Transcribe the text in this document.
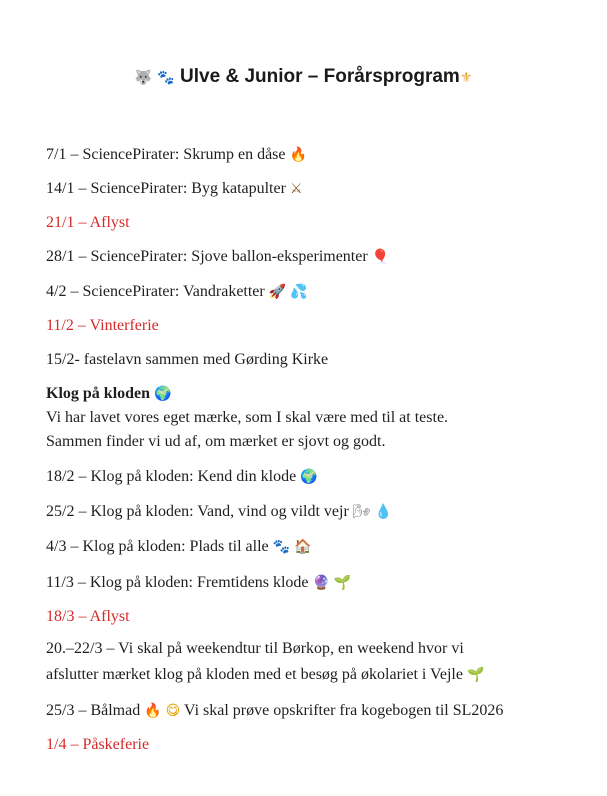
🐺 🐾 Ulve & Junior – Forårsprogram⚜
7/1 – SciencePirater: Skrump en dåse 🔥
14/1 – SciencePirater: Byg katapulter ⚔
21/1 – Aflyst
28/1 – SciencePirater: Sjove ballon-eksperimenter 🎈
4/2 – SciencePirater: Vandraketter 🚀 💦
11/2 – Vinterferie
15/2- fastelavn sammen med Gørding Kirke
Klog på kloden 🌍
Vi har lavet vores eget mærke, som I skal være med til at teste.
Sammen finder vi ud af, om mærket er sjovt og godt.
18/2 – Klog på kloden: Kend din klode 🌍
25/2 – Klog på kloden: Vand, vind og vildt vejr 🌬 💧
4/3 – Klog på kloden: Plads til alle 🐾 🏠
11/3 – Klog på kloden: Fremtidens klode 🔮 🌱
18/3 – Aflyst
20.–22/3 – Vi skal på weekendtur til Børkop, en weekend hvor vi
afslutter mærket klog på kloden med et besøg på økolariet i Vejle 🌱
25/3 – Bålmad 🔥 😋 Vi skal prøve opskrifter fra kogebogen til SL2026
1/4 – Påskeferie
